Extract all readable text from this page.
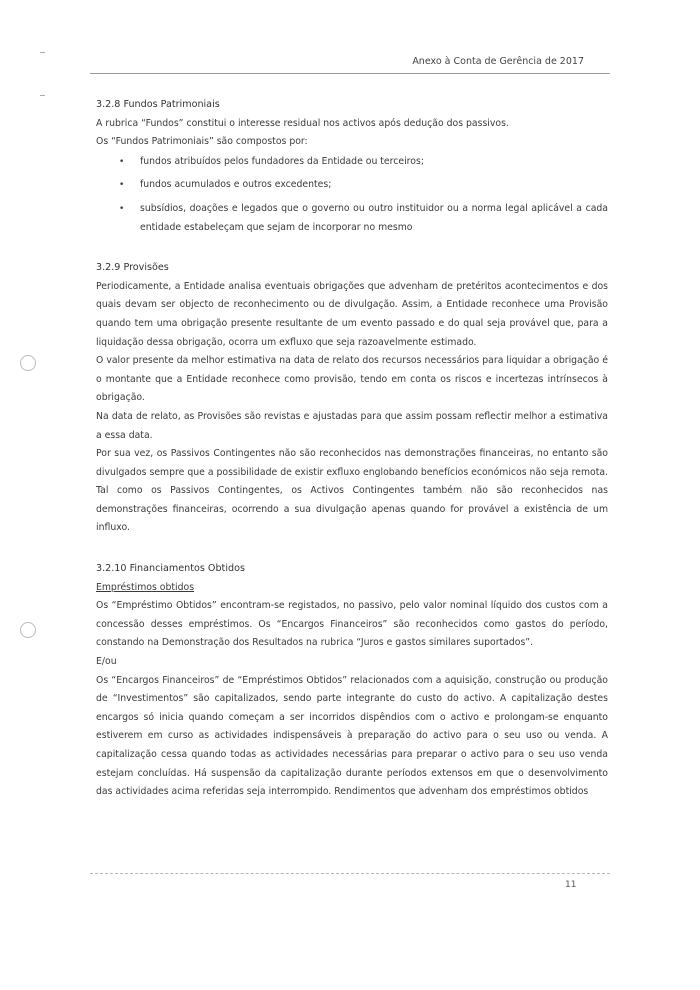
Anexo à Conta de Gerência de 2017

3.2.8 Fundos Patrimoniais

A rubrica “Fundos” constitui o interesse residual nos activos após dedução dos passivos.

Os “Fundos Patrimoniais” são compostos por:

• fundos atribuídos pelos fundadores da Entidade ou terceiros;
• fundos acumulados e outros excedentes;
• subsídios, doações e legados que o governo ou outro instituidor ou a norma legal aplicável a cada entidade estabeleçam que sejam de incorporar no mesmo

3.2.9 Provisões

Periodicamente, a Entidade analisa eventuais obrigações que advenham de pretéritos acontecimentos e dos quais devam ser objecto de reconhecimento ou de divulgação. Assim, a Entidade reconhece uma Provisão quando tem uma obrigação presente resultante de um evento passado e do qual seja provável que, para a liquidação dessa obrigação, ocorra um exfluxo que seja razoavelmente estimado.

O valor presente da melhor estimativa na data de relato dos recursos necessários para liquidar a obrigação é o montante que a Entidade reconhece como provisão, tendo em conta os riscos e incertezas intrínsecos à obrigação.

Na data de relato, as Provisões são revistas e ajustadas para que assim possam reflectir melhor a estimativa a essa data.

Por sua vez, os Passivos Contingentes não são reconhecidos nas demonstrações financeiras, no entanto são divulgados sempre que a possibilidade de existir exfluxo englobando benefícios económicos não seja remota. Tal como os Passivos Contingentes, os Activos Contingentes também não são reconhecidos nas demonstrações financeiras, ocorrendo a sua divulgação apenas quando for provável a existência de um influxo.

3.2.10 Financiamentos Obtidos

Empréstimos obtidos

Os “Empréstimo Obtidos” encontram-se registados, no passivo, pelo valor nominal líquido dos custos com a concessão desses empréstimos. Os “Encargos Financeiros” são reconhecidos como gastos do período, constando na Demonstração dos Resultados na rubrica “Juros e gastos similares suportados”.

E/ou

Os “Encargos Financeiros” de “Empréstimos Obtidos” relacionados com a aquisição, construção ou produção de “Investimentos” são capitalizados, sendo parte integrante do custo do activo. A capitalização destes encargos só inicia quando começam a ser incorridos dispêndios com o activo e prolongam-se enquanto estiverem em curso as actividades indispensáveis à preparação do activo para o seu uso ou venda. A capitalização cessa quando todas as actividades necessárias para preparar o activo para o seu uso venda estejam concluídas. Há suspensão da capitalização durante períodos extensos em que o desenvolvimento das actividades acima referidas seja interrompido. Rendimentos que advenham dos empréstimos obtidos

11
